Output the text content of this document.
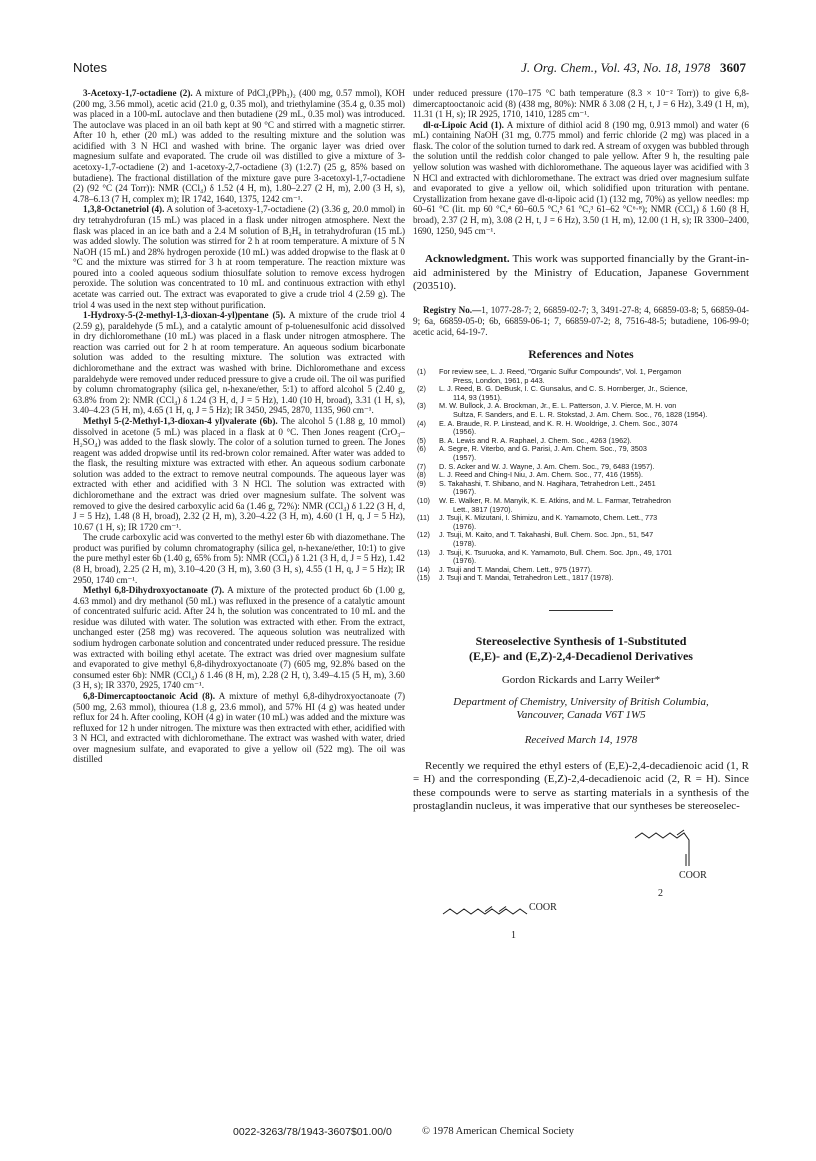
Notes	J. Org. Chem., Vol. 43, No. 18, 1978 3607

3-Acetoxy-1,7-octadiene (2). A mixture of PdCl₂(PPh₃)₂ (400 mg, 0.57 mmol), KOH (200 mg, 3.56 mmol), acetic acid (21.0 g, 0.35 mol), and triethylamine (35.4 g, 0.35 mol) was placed in a 100-mL autoclave and then butadiene (29 mL, 0.35 mol) was introduced. The autoclave was placed in an oil bath kept at 90 °C and stirred with a magnetic stirrer. After 10 h, ether (20 mL) was added to the resulting mixture and the solution was acidified with 3 N HCl and washed with brine. The organic layer was dried over magnesium sulfate and evaporated. The crude oil was distilled to give a mixture of 3-acetoxy-1,7-octadiene (2) and 1-acetoxy-2,7-octadiene (3) (1:2.7) (25 g, 85% based on butadiene). The fractional distillation of the mixture gave pure 3-acetoxyl-1,7-octadiene (2) (92 °C (24 Torr)): NMR (CCl₄) δ 1.52 (4 H, m), 1.80–2.27 (2 H, m), 2.00 (3 H, s), 4.78–6.13 (7 H, complex m); IR 1742, 1640, 1375, 1242 cm⁻¹.

1,3,8-Octanetriol (4). A solution of 3-acetoxy-1,7-octadiene (2) (3.36 g, 20.0 mmol) in dry tetrahydrofuran (15 mL) was placed in a flask under nitrogen atmosphere. Next the flask was placed in an ice bath and a 2.4 M solution of B₂H₆ in tetrahydrofuran (15 mL) was added slowly. The solution was stirred for 2 h at room temperature. A mixture of 5 N NaOH (15 mL) and 28% hydrogen peroxide (10 mL) was added dropwise to the flask at 0 °C and the mixture was stirred for 3 h at room temperature. The reaction mixture was poured into a cooled aqueous sodium thiosulfate solution to remove excess hydrogen peroxide. The solution was concentrated to 10 mL and continuous extraction with ethyl acetate was carried out. The extract was evaporated to give a crude triol 4 (2.59 g). The triol 4 was used in the next step without purification.

1-Hydroxy-5-(2-methyl-1,3-dioxan-4-yl)pentane (5). A mixture of the crude triol 4 (2.59 g), paraldehyde (5 mL), and a catalytic amount of p-toluenesulfonic acid dissolved in dry dichloromethane (10 mL) was placed in a flask under nitrogen atmosphere. The reaction was carried out for 2 h at room temperature. An aqueous sodium bicarbonate solution was added to the resulting mixture. The solution was extracted with dichloromethane and the extract was washed with brine. Dichloromethane and excess paraldehyde were removed under reduced pressure to give a crude oil. The oil was purified by column chromatography (silica gel, n-hexane/ether, 5:1) to afford alcohol 5 (2.40 g, 63.8% from 2): NMR (CCl₄) δ 1.24 (3 H, d, J = 5 Hz), 1.40 (10 H, broad), 3.31 (1 H, s), 3.40–4.23 (5 H, m), 4.65 (1 H, q, J = 5 Hz); IR 3450, 2945, 2870, 1135, 960 cm⁻¹.

Methyl 5-(2-Methyl-1,3-dioxan-4 yl)valerate (6b). The alcohol 5 (1.88 g, 10 mmol) dissolved in acetone (5 mL) was placed in a flask at 0 °C. Then Jones reagent (CrO₃–H₂SO₄) was added to the flask slowly. The color of a solution turned to green. The Jones reagent was added dropwise until its red-brown color remained. After water was added to the flask, the resulting mixture was extracted with ether. An aqueous sodium carbonate solution was added to the extract to remove neutral compounds. The aqueous layer was extracted with ether and acidified with 3 N HCl. The solution was extracted with dichloromethane and the extract was dried over magnesium sulfate. The solvent was removed to give the desired carboxylic acid 6a (1.46 g, 72%): NMR (CCl₄) δ 1.22 (3 H, d, J = 5 Hz), 1.48 (8 H, broad), 2.32 (2 H, m), 3.20–4.22 (3 H, m), 4.60 (1 H, q, J = 5 Hz), 10.67 (1 H, s); IR 1720 cm⁻¹.

The crude carboxylic acid was converted to the methyl ester 6b with diazomethane. The product was purified by column chromatography (silica gel, n-hexane/ether, 10:1) to give the pure methyl ester 6b (1.40 g, 65% from 5): NMR (CCl₄) δ 1.21 (3 H, d, J = 5 Hz), 1.42 (8 H, broad), 2.25 (2 H, m), 3.10–4.20 (3 H, m), 3.60 (3 H, s), 4.55 (1 H, q, J = 5 Hz); IR 2950, 1740 cm⁻¹.

Methyl 6,8-Dihydroxyoctanoate (7). A mixture of the protected product 6b (1.00 g, 4.63 mmol) and dry methanol (50 mL) was refluxed in the presence of a catalytic amount of concentrated sulfuric acid. After 24 h, the solution was concentrated to 10 mL and the residue was diluted with water. The solution was extracted with ether. From the extract, unchanged ester (258 mg) was recovered. The aqueous solution was neutralized with sodium hydrogen carbonate solution and concentrated under reduced pressure. The residue was extracted with boiling ethyl acetate. The extract was dried over magnesium sulfate and evaporated to give methyl 6,8-dihydroxyoctanoate (7) (605 mg, 92.8% based on the consumed ester 6b): NMR (CCl₄) δ 1.46 (8 H, m), 2.28 (2 H, t), 3.49–4.15 (5 H, m), 3.60 (3 H, s); IR 3370, 2925, 1740 cm⁻¹.

6,8-Dimercaptooctanoic Acid (8). A mixture of methyl 6,8-dihydroxyoctanoate (7) (500 mg, 2.63 mmol), thiourea (1.8 g, 23.6 mmol), and 57% HI (4 g) was heated under reflux for 24 h. After cooling, KOH (4 g) in water (10 mL) was added and the mixture was refluxed for 12 h under nitrogen. The mixture was then extracted with ether, acidified with 3 N HCl, and extracted with dichloromethane. The extract was washed with water, dried over magnesium sulfate, and evaporated to give a yellow oil (522 mg). The oil was distilled

under reduced pressure (170–175 °C bath temperature (8.3 × 10⁻² Torr)) to give 6,8-dimercaptooctanoic acid (8) (438 mg, 80%): NMR δ 3.08 (2 H, t, J = 6 Hz), 3.49 (1 H, m), 11.31 (1 H, s); IR 2925, 1710, 1410, 1285 cm⁻¹.

dl-α-Lipoic Acid (1). A mixture of dithiol acid 8 (190 mg, 0.913 mmol) and water (6 mL) containing NaOH (31 mg, 0.775 mmol) and ferric chloride (2 mg) was placed in a flask. The color of the solution turned to dark red. A stream of oxygen was bubbled through the solution until the reddish color changed to pale yellow. After 9 h, the resulting pale yellow solution was washed with dichloromethane. The aqueous layer was acidified with 3 N HCl and extracted with dichloromethane. The extract was dried over magnesium sulfate and evaporated to give a yellow oil, which solidified upon trituration with pentane. Crystallization from hexane gave dl-α-lipoic acid (1) (132 mg, 70%) as yellow needles: mp 60–61 °C (lit. mp 60 °C,⁴ 60–60.5 °C,⁵ 61 °C,³ 61–62 °C⁶·⁸); NMR (CCl₄) δ 1.60 (8 H, broad), 2.37 (2 H, m), 3.08 (2 H, t, J = 6 Hz), 3.50 (1 H, m), 12.00 (1 H, s); IR 3300–2400, 1690, 1250, 945 cm⁻¹.

Acknowledgment. This work was supported financially by the Grant-in-aid administered by the Ministry of Education, Japanese Government (203510).

Registry No.—1, 1077-28-7; 2, 66859-02-7; 3, 3491-27-8; 4, 66859-03-8; 5, 66859-04-9; 6a, 66859-05-0; 6b, 66859-06-1; 7, 66859-07-2; 8, 7516-48-5; butadiene, 106-99-0; acetic acid, 64-19-7.

References and Notes
(1) For review see, L. J. Reed, "Organic Sulfur Compounds", Vol. 1, Pergamon
Press, London, 1961, p 443.
(2) L. J. Reed, B. G. DeBusk, I. C. Gunsalus, and C. S. Hornberger, Jr., Science,
114, 93 (1951).
(3) M. W. Bullock, J. A. Brockman, Jr., E. L. Patterson, J. V. Pierce, M. H. von
Sultza, F. Sanders, and E. L. R. Stokstad, J. Am. Chem. Soc., 76, 1828 (1954).
(4) E. A. Braude, R. P. Linstead, and K. R. H. Wooldrige, J. Chem. Soc., 3074
(1956).
(5) B. A. Lewis and R. A. Raphael, J. Chem. Soc., 4263 (1962).
(6) A. Segre, R. Viterbo, and G. Parisi, J. Am. Chem. Soc., 79, 3503
(1957).
(7) D. S. Acker and W. J. Wayne, J. Am. Chem. Soc., 79, 6483 (1957).
(8) L. J. Reed and Ching-I Niu, J. Am. Chem. Soc., 77, 416 (1955).
(9) S. Takahashi, T. Shibano, and N. Hagihara, Tetrahedron Lett., 2451
(1967).
(10) W. E. Walker, R. M. Manyik, K. E. Atkins, and M. L. Farmar, Tetrahedron
Lett., 3817 (1970).
(11) J. Tsuji, K. Mizutani, I. Shimizu, and K. Yamamoto, Chem. Lett., 773
(1976).
(12) J. Tsuji, M. Kaito, and T. Takahashi, Bull. Chem. Soc. Jpn., 51, 547
(1978).
(13) J. Tsuji, K. Tsuruoka, and K. Yamamoto, Bull. Chem. Soc. Jpn., 49, 1701
(1976).
(14) J. Tsuji and T. Mandai, Chem. Lett., 975 (1977).
(15) J. Tsuji and T. Mandai, Tetrahedron Lett., 1817 (1978).
Stereoselective Synthesis of 1-Substituted
(E,E)- and (E,Z)-2,4-Decadienol Derivatives
Gordon Rickards and Larry Weiler*
Department of Chemistry, University of British Columbia,
Vancouver, Canada V6T 1W5
Received March 14, 1978

Recently we required the ethyl esters of (E,E)-2,4-decadienoic acid (1, R = H) and the corresponding (E,Z)-2,4-decadienoic acid (2, R = H). Since these compounds were to serve as starting materials in a synthesis of the prostaglandin nucleus, it was imperative that our syntheses be stereoselec-

COOR
1
COOR
2
0022-3263/78/1943-3607$01.00/0	© 1978 American Chemical Society
